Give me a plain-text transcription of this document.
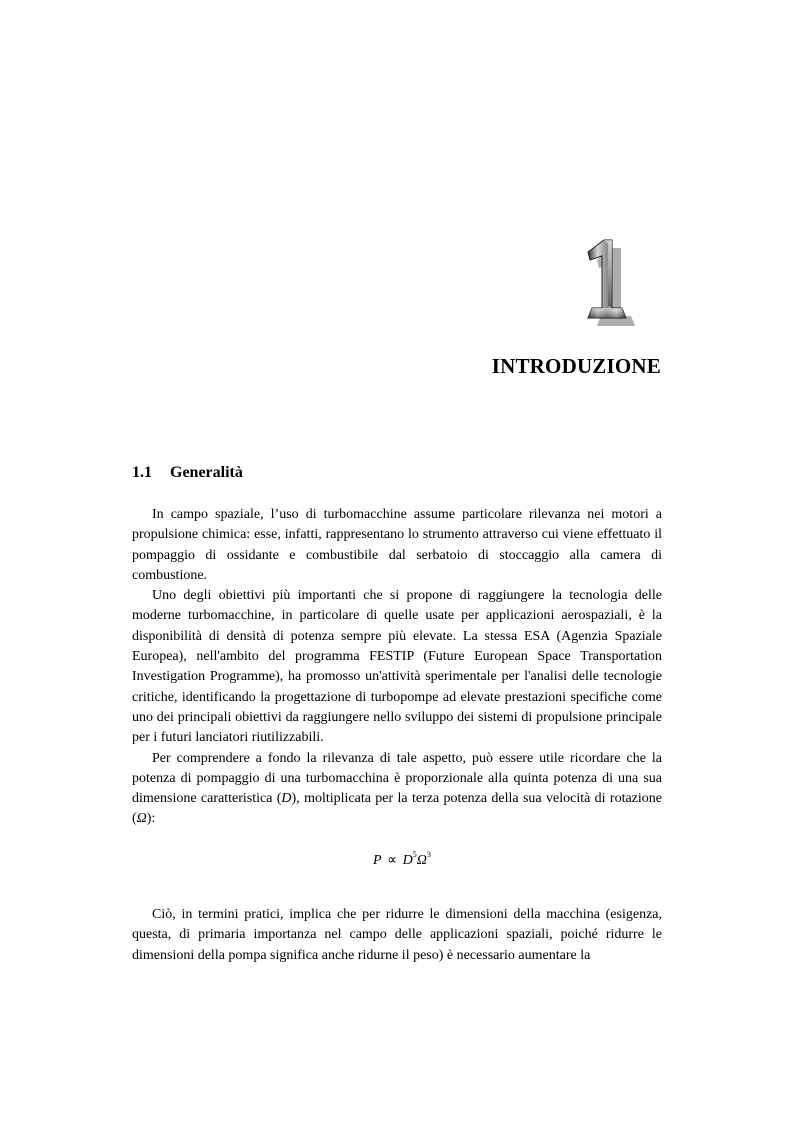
INTRODUZIONE
1.1 Generalità

In campo spaziale, l’uso di turbomacchine assume particolare rilevanza nei motori a propulsione chimica: esse, infatti, rappresentano lo strumento attraverso cui viene effettuato il pompaggio di ossidante e combustibile dal serbatoio di stoccaggio alla camera di combustione.

Uno degli obiettivi più importanti che si propone di raggiungere la tecnologia delle moderne turbomacchine, in particolare di quelle usate per applicazioni aerospaziali, è la disponibilità di densità di potenza sempre più elevate. La stessa ESA (Agenzia Spaziale Europea), nell'ambito del programma FESTIP (Future European Space Transportation Investigation Programme), ha promosso un'attività sperimentale per l'analisi delle tecnologie critiche, identificando la progettazione di turbopompe ad elevate prestazioni specifiche come uno dei principali obiettivi da raggiungere nello sviluppo dei sistemi di propulsione principale per i futuri lanciatori riutilizzabili.

Per comprendere a fondo la rilevanza di tale aspetto, può essere utile ricordare che la potenza di pompaggio di una turbomacchina è proporzionale alla quinta potenza di una sua dimensione caratteristica (D), moltiplicata per la terza potenza della sua velocità di rotazione (Ω):

$P \propto D^5\Omega^3$

Ciò, in termini pratici, implica che per ridurre le dimensioni della macchina (esigenza, questa, di primaria importanza nel campo delle applicazioni spaziali, poiché ridurre le dimensioni della pompa significa anche ridurne il peso) è necessario aumentare la
